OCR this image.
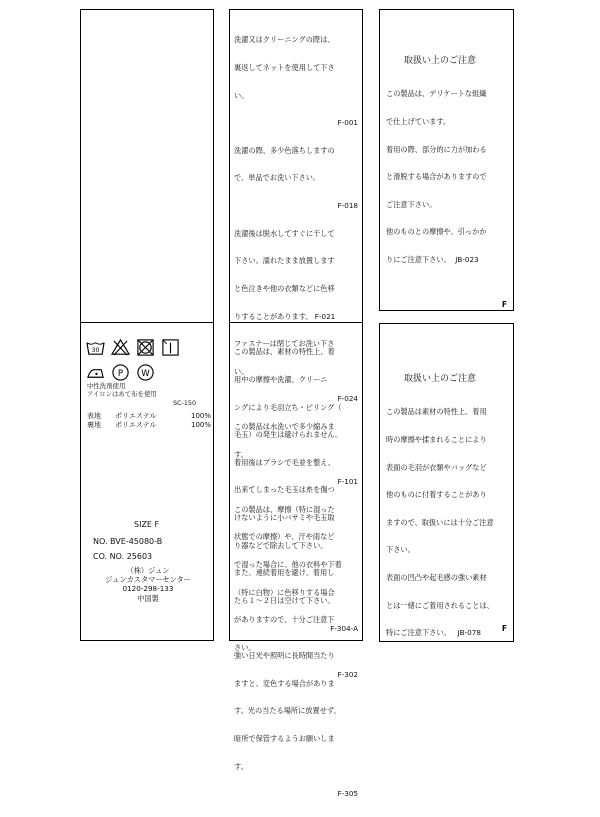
30
P W
中性洗剤使用
アイロンはあて布を使用
SC-150
表地	ポリエステル	100%
裏地	ポリエステル	100%
SIZE F
NO. BVE-45080-B
CO. NO. 25603
（株）ジュン
ジュンカスタマーセンター
0120-298-133
中国製

洗濯又はクリーニングの際は、

裏返してネットを使用して下さ

い。

F-001

洗濯の際、多少色落ちしますの

で、単品でお洗い下さい。

F-018

洗濯後は脱水してすぐに干して

下さい。濡れたまま放置します

と色泣きや他の衣類などに色移

りすることがあります。 F-021

ファスナーは閉じてお洗い下さ

い。

F-024

この製品は水洗いで多少縮みま

す。

F-101

この製品は、摩擦（特に湿った

状態での摩擦）や、汗や雨など

で湿った場合に、他の衣料や下着

（特に白物）に色移りする場合

がありますので、十分ご注意下

さい。

F-302

この製品は、素材の特性上、着

用中の摩擦や洗濯、クリーニ

ングにより毛羽立ち・ピリング（

毛玉）の発生は避けられません。

着用後はブラシで毛並を整え、

出来てしまった毛玉は糸を傷つ

けないように小バサミや毛玉取

り器などで除去して下さい。

また、連続着用を避け、着用し

たら１～２日は空けて下さい。

F-304-A

強い日光や照明に長時間当たり

ますと、変色する場合がありま

す。光の当たる場所に放置せず、

暗所で保管するようお願いしま

す。

F-305

取扱い上のご注意

この製品は、デリケートな組織

で仕上げています。

着用の際、部分的に力が加わる

と滑脱する場合がありますので

ご注意下さい。

他のものとの摩擦や、引っかか

りにご注意下さい。  JB-023

F
取扱い上のご注意

この製品は素材の特性上、着用

時の摩擦や揉まれることにより

表面の毛羽が衣類やバッグなど

他のものに付着することがあり

ますので、取扱いには十分ご注意

下さい。

表面の凹凸や起毛感の強い素材

とは一緒にご着用されることは、

特にご注意下さい。   JB-078

	F
